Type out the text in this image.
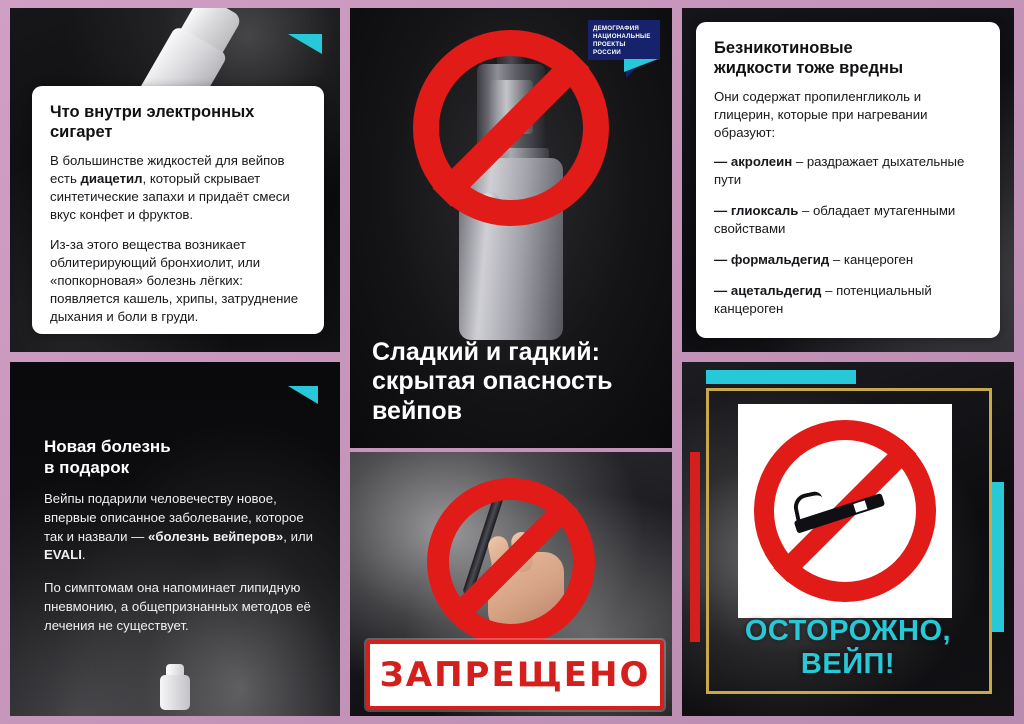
Что внутри электронных сигарет

В большинстве жидкостей для вейпов есть диацетил, который скрывает синтетические запахи и придаёт смеси вкус конфет и фруктов.

Из-за этого вещества возникает облитерирующий бронхиолит, или «попкорновая» болезнь лёгких: появляется кашель, хрипы, затруднение дыхания и боли в груди.

Новая болезнь
в подарок

Вейпы подарили человечеству новое, впервые описанное заболевание, которое так и назвали — «болезнь вейперов», или EVALI.

По симптомам она напоминает липидную пневмонию, а общепризнанных методов её лечения не существует.

ДЕМОГРАФИЯ
НАЦИОНАЛЬНЫЕ
ПРОЕКТЫ
РОССИИ
Сладкий и гадкий:
скрытая опасность
вейпов
ЗАПРЕЩЕНО
Безникотиновые
жидкости тоже вредны

Они содержат пропиленгликоль и глицерин, которые при нагревании образуют:

— акролеин – раздражает дыхательные пути

— глиоксаль – обладает мутагенными свойствами

— формальдегид – канцероген

— ацетальдегид – потенциальный канцероген

ОСТОРОЖНО,
ВЕЙП!
